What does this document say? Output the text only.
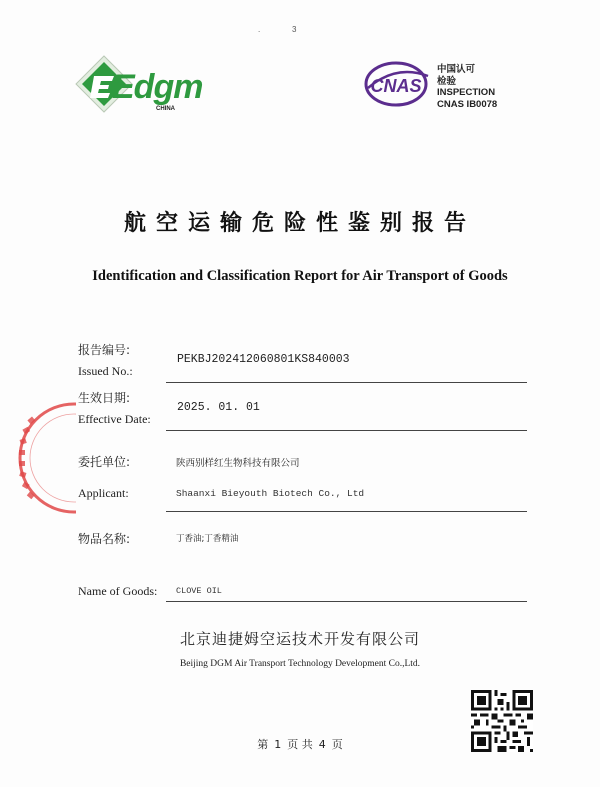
.	3
Edgm
CHINA
CNAS
中国认可
检验
INSPECTION
CNAS IB0078
航空运输危险性鉴别报告
Identification and Classification Report for Air Transport of Goods
报告编号:
Issued No.:
PEKBJ202412060801KS840003
生效日期:
Effective Date:
2025. 01. 01
委托单位:	陕西别样红生物科技有限公司
Applicant:	Shaanxi Bieyouth Biotech Co., Ltd
物品名称:	丁香油;丁香精油
Name of Goods: CLOVE OIL
北京迪捷姆空运技术开发有限公司
Beijing DGM Air Transport Technology Development Co.,Ltd.
第 1 页 共 4 页
